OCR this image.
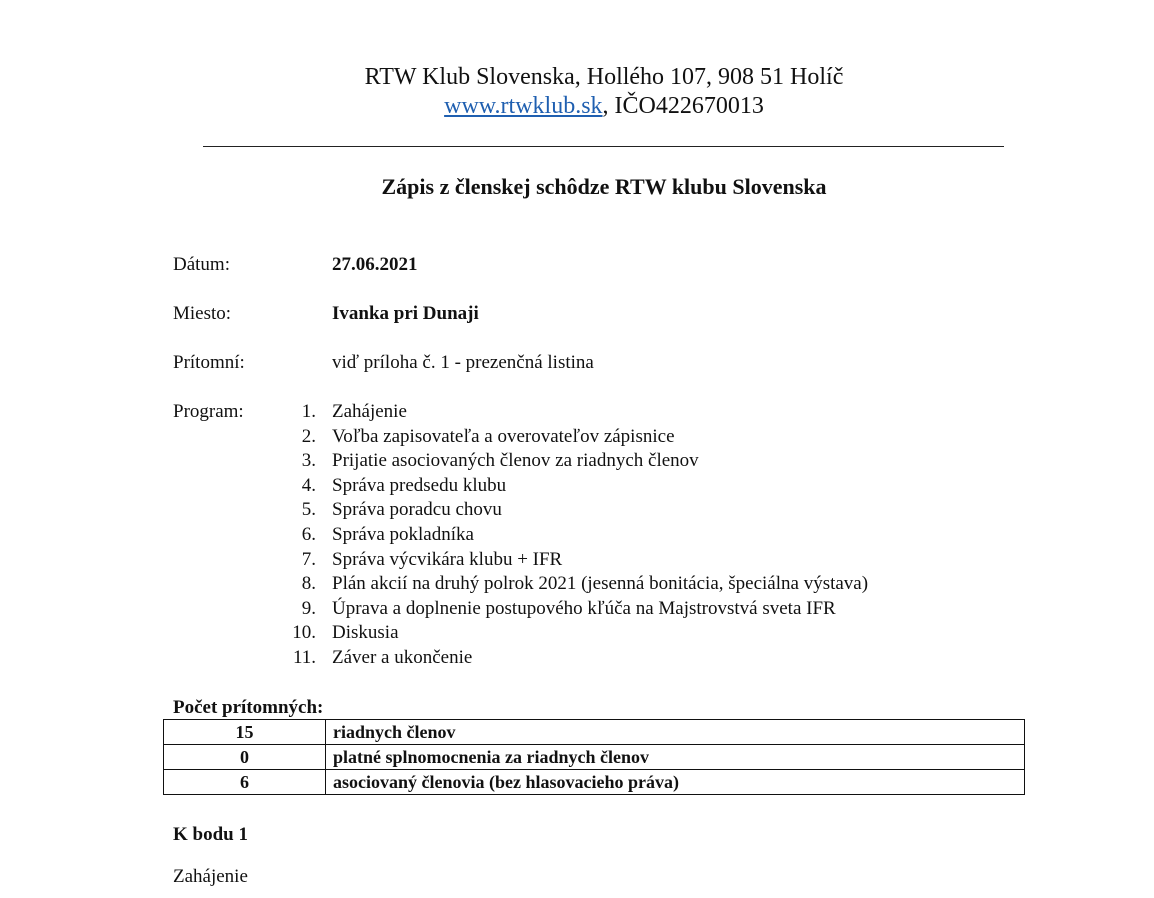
RTW Klub Slovenska, Hollého 107, 908 51 Holíč
www.rtwklub.sk, IČO422670013
Zápis z členskej schôdze RTW klubu Slovenska
Dátum:	27.06.2021
Miesto:	Ivanka pri Dunaji
Prítomní:	viď príloha č. 1 - prezenčná listina
Program:	1. Zahájenie
2. Voľba zapisovateľa a overovateľov zápisnice
3. Prijatie asociovaných členov za riadnych členov
4. Správa predsedu klubu
5. Správa poradcu chovu
6. Správa pokladníka
7. Správa výcvikára klubu + IFR
8. Plán akcií na druhý polrok 2021 (jesenná bonitácia, špeciálna výstava)
9. Úprava a doplnenie postupového kľúča na Majstrovstvá sveta IFR
10. Diskusia
11. Záver a ukončenie
Počet prítomných:
15	riadnych členov
0	platné splnomocnenia za riadnych členov
6	asociovaný členovia (bez hlasovacieho práva)
K bodu 1
Zahájenie
